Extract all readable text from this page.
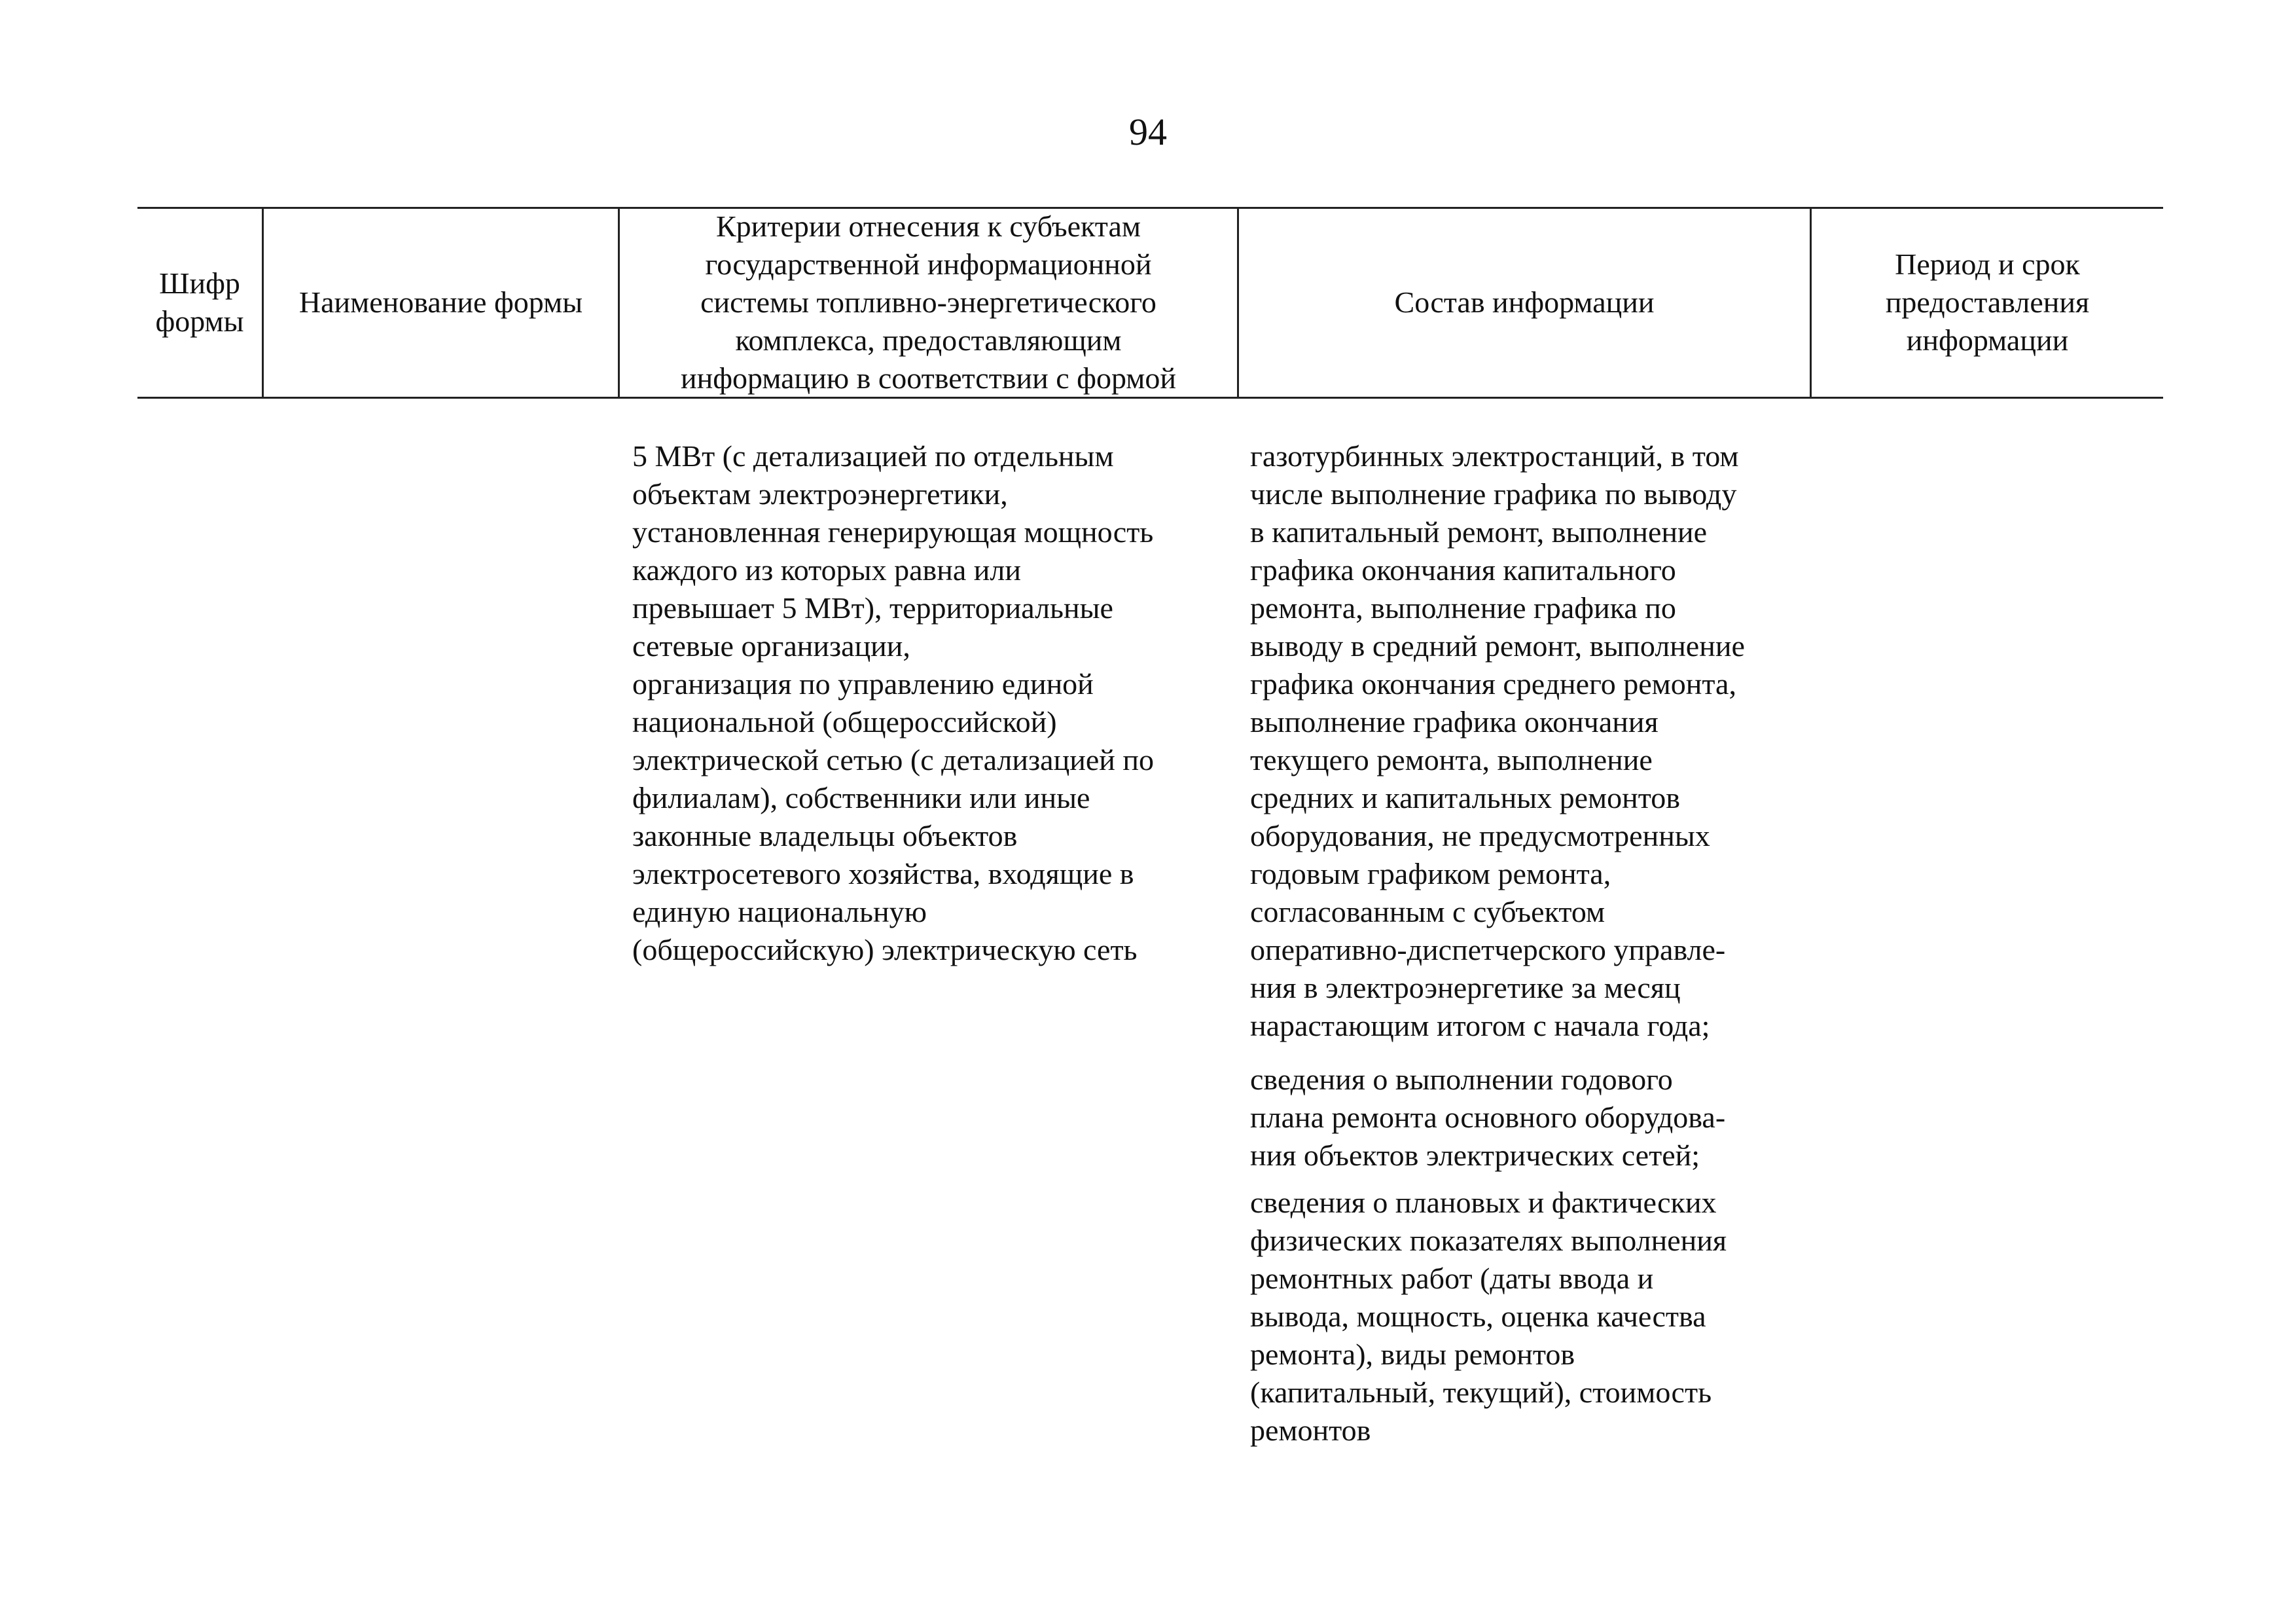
94
Шифр
формы
Наименование формы
Критерии отнесения к субъектам
государственной информационной
системы топливно-энергетического
комплекса, предоставляющим
информацию в соответствии с формой
Состав информации
Период и срок
предоставления
информации
5 МВт (с детализацией по отдельным
объектам электроэнергетики,
установленная генерирующая мощность
каждого из которых равна или
превышает 5 МВт), территориальные
сетевые организации,
организация по управлению единой
национальной (общероссийской)
электрической сетью (с детализацией по
филиалам), собственники или иные
законные владельцы объектов
электросетевого хозяйства, входящие в
единую национальную
(общероссийскую) электрическую сеть
газотурбинных электростанций, в том
числе выполнение графика по выводу
в капитальный ремонт, выполнение
графика окончания капитального
ремонта, выполнение графика по
выводу в средний ремонт, выполнение
графика окончания среднего ремонта,
выполнение графика окончания
текущего ремонта, выполнение
средних и капитальных ремонтов
оборудования, не предусмотренных
годовым графиком ремонта,
согласованным с субъектом
оперативно-диспетчерского управле-
ния в электроэнергетике за месяц
нарастающим итогом с начала года;
сведения о выполнении годового
плана ремонта основного оборудова-
ния объектов электрических сетей;
сведения о плановых и фактических
физических показателях выполнения
ремонтных работ (даты ввода и
вывода, мощность, оценка качества
ремонта), виды ремонтов
(капитальный, текущий), стоимость
ремонтов
